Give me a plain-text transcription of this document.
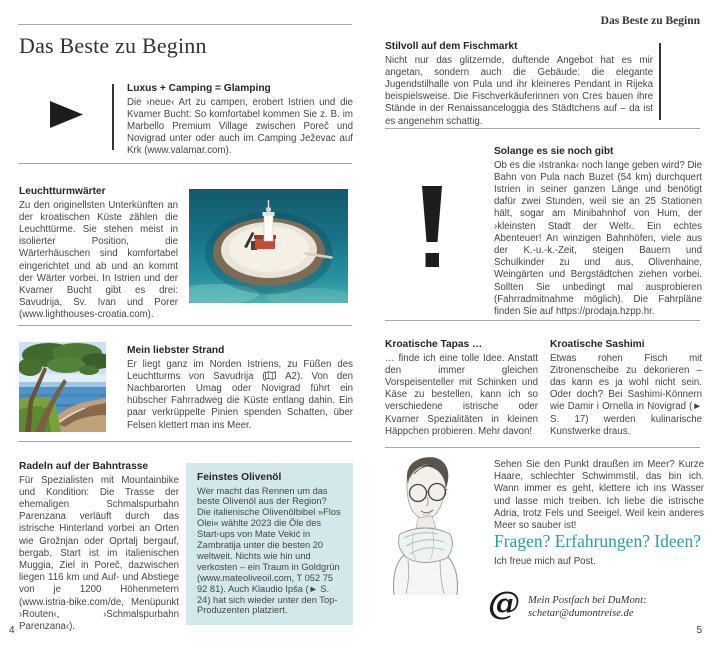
Das Beste zu Beginn
Luxus + Camping = Glamping

Die ›neue‹ Art zu campen, erobert Istrien und die Kvarner Bucht: So komfortabel kommen Sie z. B. im Marbello Premium Village zwischen Poreč und Novigrad unter oder auch im Camping Ježevac auf Krk (www.valamar.com).

Leuchtturmwärter

Zu den originellsten Unterkünften an der kroatischen Küste zählen die Leuchttürme. Sie stehen meist in isolierter Position, die Wärterhäuschen sind komfortabel eingerichtet und ab und an kommt der Wärter vorbei. In Istrien und der Kvarner Bucht gibt es drei: Savudrija, Sv. Ivan und Porer (www.lighthouses-croatia.com).

Mein liebster Strand

Er liegt ganz im Norden Istriens, zu Füßen des Leuchtturms von Savudrija ( A2). Von den Nachbarorten Umag oder Novigrad führt ein hübscher Fahrradweg die Küste entlang dahin. Ein paar verkrüppelte Pinien spenden Schatten, über Felsen klettert man ins Meer.

Radeln auf der Bahntrasse

Für Spezialisten mit Mountainbike und Kondition: Die Trasse der ehemaligen Schmalspurbahn Parenzana verläuft durch das istrische Hinterland vorbei an Orten wie Grožnjan oder Oprtalj bergauf, bergab. Start ist im italienischen Muggia, Ziel in Poreč, dazwischen liegen 116 km und Auf- und Abstiege von je 1200 Höhenmetern (www.istria-bike.com/de, Menüpunkt ›Routen‹, ›Schmalspurbahn Parenzana‹).

Feinstes Olivenöl

Wer macht das Rennen um das beste Olivenöl aus der Region? Die italienische Olivenölbibel »Flos Olei« wählte 2023 die Öle des Start-ups von Mate Vekić in Zambratija unter die besten 20 weltweit. Nichts wie hin und verkosten – ein Traum in Goldgrün (www.mateoliveoil.com, T 052 75 92 81). Auch Klaudio Ipša (► S. 24) hat sich wieder unter den Top-Produzenten platziert.

4
Das Beste zu Beginn
Stilvoll auf dem Fischmarkt

Nicht nur das glitzernde, duftende Angebot hat es mir angetan, sondern auch die Gebäude: die elegante Jugendstilhalle von Pula und ihr kleineres Pendant in Rijeka beispielsweise. Die Fischverkäuferinnen von Cres bauen ihre Stände in der Renaissanceloggia des Städtchens auf – da ist es angenehm schattig.

Solange es sie noch gibt

Ob es die ›Istranka‹ noch lange geben wird? Die Bahn von Pula nach Buzet (54 km) durchquert Istrien in seiner ganzen Länge und benötigt dafür zwei Stunden, weil sie an 25 Stationen hält, sogar am Minibahnhof von Hum, der ›kleinsten Stadt der Welt‹. Ein echtes Abenteuer! An winzigen Bahnhöfen, viele aus der K.-u.-k.-Zeit, steigen Bauern und Schulkinder zu und aus, Olivenhaine, Weingärten und Bergstädtchen ziehen vorbei. Sollten Sie unbedingt mal ausprobieren (Fahrradmitnahme möglich). Die Fahrpläne finden Sie auf https://prodaja.hzpp.hr.

Kroatische Tapas …

… finde ich eine tolle Idee. Anstatt den immer gleichen Vorspeisenteller mit Schinken und Käse zu bestellen, kann ich so verschiedene istrische oder Kvarner Spezialitäten in kleinen Häppchen probieren. Mehr davon!

Kroatische Sashimi

Etwas rohen Fisch mit Zitronenscheibe zu dekorieren – das kann es ja wohl nicht sein. Oder doch? Bei Sashimi-Könnern wie Damir i Ornella in Novigrad (► S. 17) werden kulinarische Kunstwerke draus.

Sehen Sie den Punkt draußen im Meer? Kurze Haare, schlechter Schwimmstil, das bin ich. Wann immer es geht, klettere ich ins Wasser und lasse mich treiben. Ich liebe die istrische Adria, trotz Fels und Seeigel. Weil kein anderes Meer so sauber ist!

Fragen? Erfahrungen? Ideen?
Ich freue mich auf Post.
@ Mein Postfach bei DuMont:
schetar@dumontreise.de
5
